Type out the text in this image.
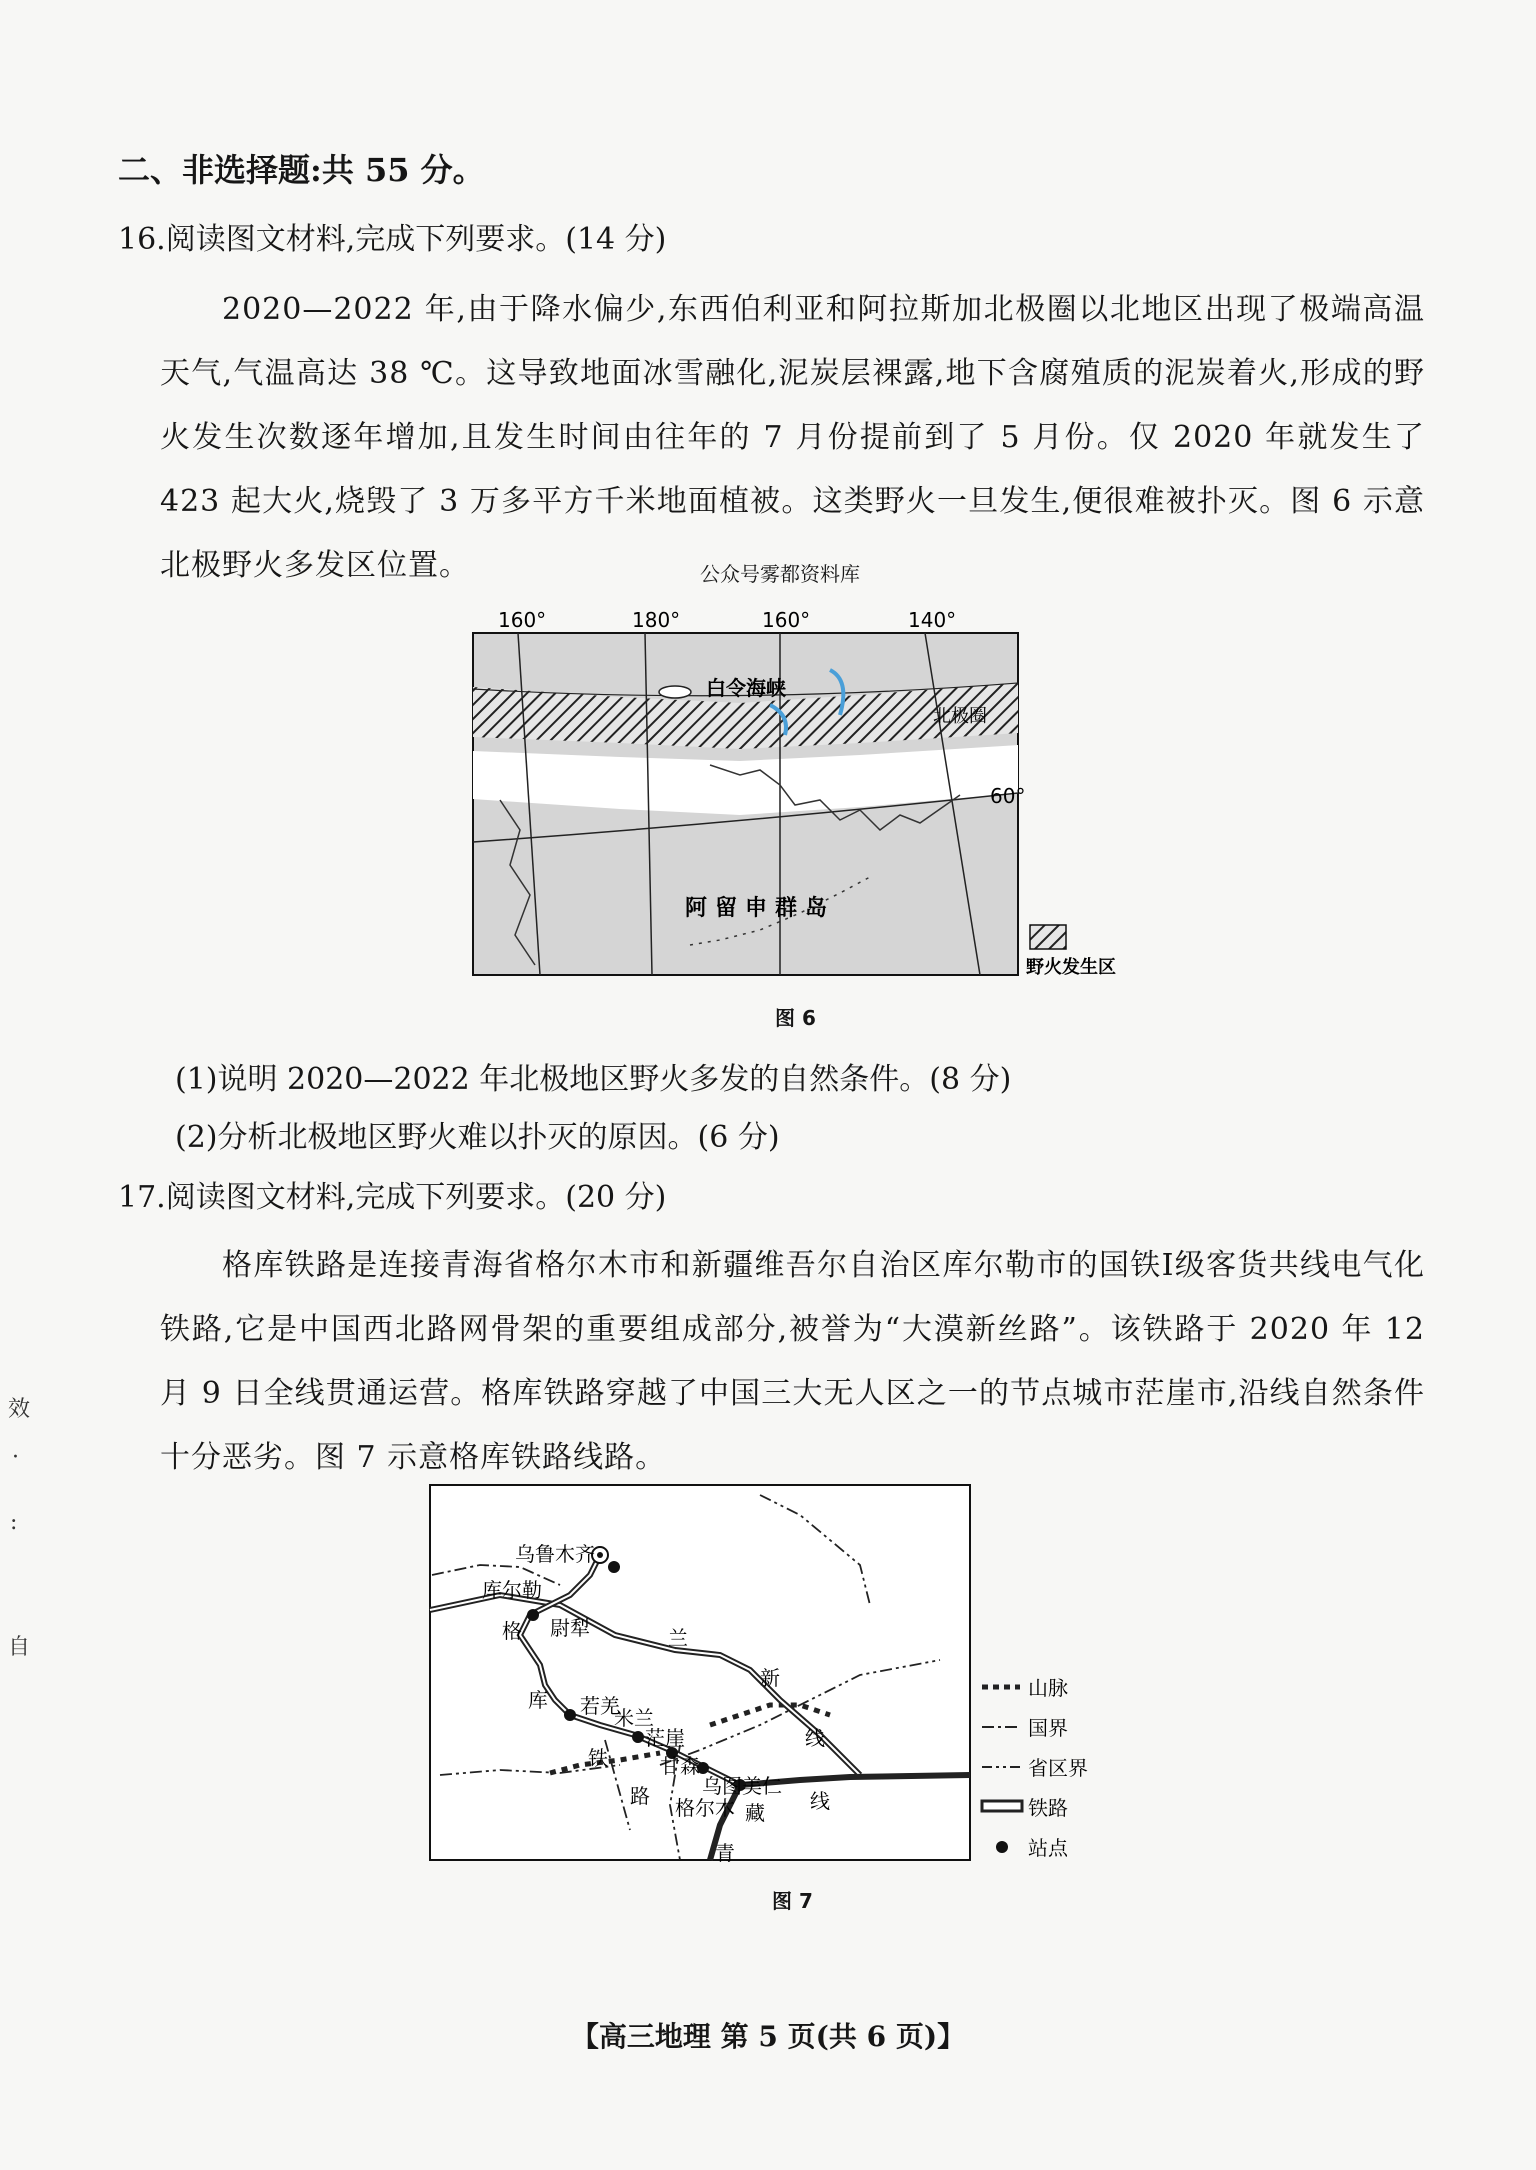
二、非选择题:共 55 分。
16.阅读图文材料,完成下列要求。(14 分)
2020—2022 年,由于降水偏少,东西伯利亚和阿拉斯加北极圈以北地区出现了极端高温天气,气温高达 38 ℃。这导致地面冰雪融化,泥炭层裸露,地下含腐殖质的泥炭着火,形成的野火发生次数逐年增加,且发生时间由往年的 7 月份提前到了 5 月份。仅 2020 年就发生了 423 起大火,烧毁了 3 万多平方千米地面植被。这类野火一旦发生,便很难被扑灭。图 6 示意北极野火多发区位置。	公众号雾都资料库
160°	180°	160°	140°
60°
白令海峡
北极圈
阿留申群岛
野火发生区
图 6
(1)说明 2020—2022 年北极地区野火多发的自然条件。(8 分)
(2)分析北极地区野火难以扑灭的原因。(6 分)
17.阅读图文材料,完成下列要求。(20 分)
格库铁路是连接青海省格尔木市和新疆维吾尔自治区库尔勒市的国铁Ⅰ级客货共线电气化铁路,它是中国西北路网骨架的重要组成部分,被誉为“大漠新丝路”。该铁路于 2020 年 12 月 9 日全线贯通运营。格库铁路穿越了中国三大无人区之一的节点城市茫崖市,沿线自然条件十分恶劣。图 7 示意格库铁路线路。
乌鲁木齐
库尔勒
尉犁
若羌
米兰
茫崖
甘森
乌图美仁
格尔木
格
库
铁
路
兰
新
线
藏 线
青
山脉
国界
省区界
铁路
站点
图 7
效
·
:
自
【高三地理 第 5 页(共 6 页)】
